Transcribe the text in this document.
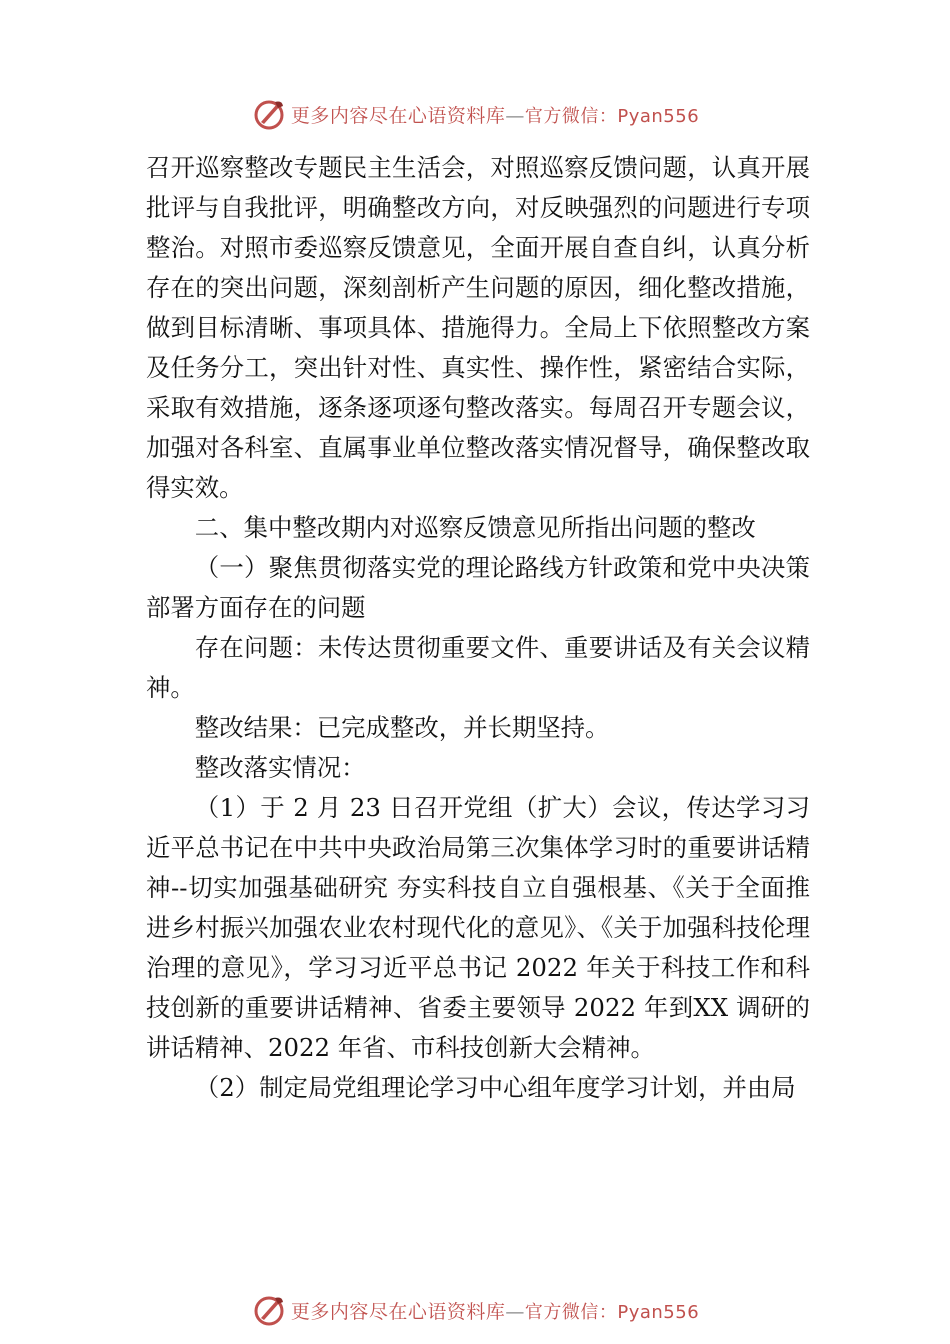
更多内容尽在心语资料库—官方微信：Pyan556

召开巡察整改专题民主生活会，对照巡察反馈问题，认真开展批评与自我批评，明确整改方向，对反映强烈的问题进行专项整治。对照市委巡察反馈意见，全面开展自查自纠，认真分析存在的突出问题，深刻剖析产生问题的原因，细化整改措施，做到目标清晰、事项具体、措施得力。全局上下依照整改方案及任务分工，突出针对性、真实性、操作性，紧密结合实际，采取有效措施，逐条逐项逐句整改落实。每周召开专题会议，加强对各科室、直属事业单位整改落实情况督导，确保整改取得实效。

二、集中整改期内对巡察反馈意见所指出问题的整改

（一）聚焦贯彻落实党的理论路线方针政策和党中央决策部署方面存在的问题

存在问题：未传达贯彻重要文件、重要讲话及有关会议精神。

整改结果：已完成整改，并长期坚持。

整改落实情况：

（1）于 2 月 23 日召开党组（扩大）会议，传达学习习近平总书记在中共中央政治局第三次集体学习时的重要讲话精神--切实加强基础研究 夯实科技自立自强根基、《关于全面推进乡村振兴加强农业农村现代化的意见》、《关于加强科技伦理治理的意见》，学习习近平总书记 2022 年关于科技工作和科技创新的重要讲话精神、省委主要领导 2022 年到XX 调研的讲话精神、2022 年省、市科技创新大会精神。

（2）制定局党组理论学习中心组年度学习计划，并由局

更多内容尽在心语资料库—官方微信：Pyan556
